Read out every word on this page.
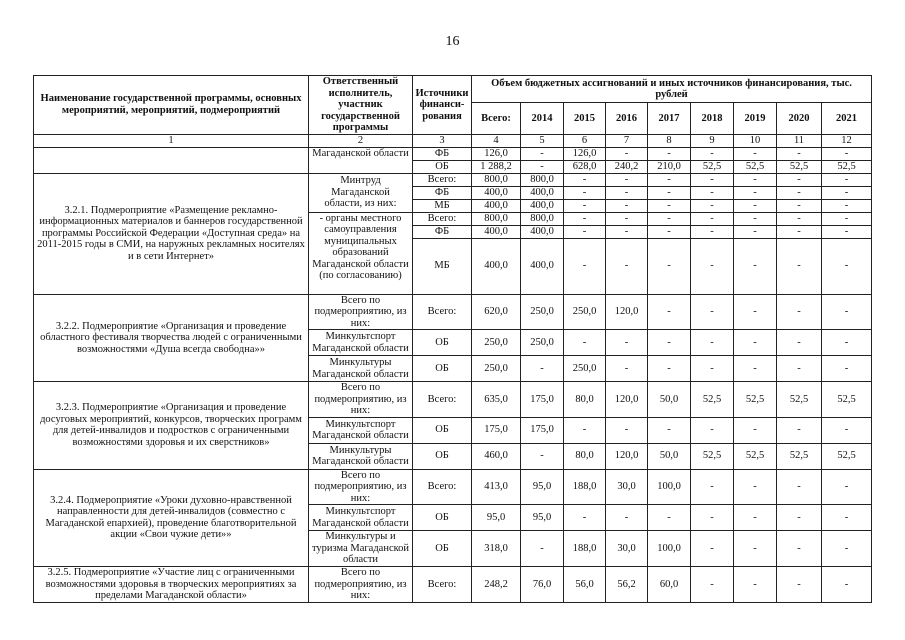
16
Наименование государственной программы, основных мероприятий, мероприятий, подмероприятий	Ответственный исполнитель, участник государственной программы	Источники финанси-рования	Объем бюджетных ассигнований и иных источников финансирования, тыс. рублей								
			Всего:	2014	2015	2016	2017	2018	2019	2020	2021
1	2	3	4	5	6	7	8	9	10	11	12
	Магаданской области	ФБ	126,0	-	126,0	-	-	-	-	-	-
		ОБ	1 288,2	-	628,0	240,2	210,0	52,5	52,5	52,5	52,5
3.2.1. Подмероприятие «Размещение рекламно-информационных материалов и баннеров государственной программы Российской Федерации «Доступная среда» на 2011-2015 годы в СМИ, на наружных рекламных носителях и в сети Интернет»	Минтруд Магаданской области, из них:	Всего:	800,0	800,0	-	-	-	-	-	-	-
		ФБ	400,0	400,0	-	-	-	-	-	-	-
		МБ	400,0	400,0	-	-	-	-	-	-	-
	- органы местного самоуправления муниципальных образований Магаданской области (по согласованию)	Всего:	800,0	800,0	-	-	-	-	-	-	-
		ФБ	400,0	400,0	-	-	-	-	-	-	-
		МБ	400,0	400,0	-	-	-	-	-	-	-
3.2.2. Подмероприятие «Организация и проведение областного фестиваля творчества людей с ограниченными возможностями «Душа всегда свободна»»	Всего по подмероприятию, из них:	Всего:	620,0	250,0	250,0	120,0	-	-	-	-	-
	Минкультспорт Магаданской области	ОБ	250,0	250,0	-	-	-	-	-	-	-
	Минкультуры Магаданской области	ОБ	250,0	-	250,0	-	-	-	-	-	-
3.2.3. Подмероприятие «Организация и проведение досуговых мероприятий, конкурсов, творческих программ для детей-инвалидов и подростков с ограниченными возможностями здоровья и их сверстников»	Всего по подмероприятию, из них:	Всего:	635,0	175,0	80,0	120,0	50,0	52,5	52,5	52,5	52,5
	Минкультспорт Магаданской области	ОБ	175,0	175,0	-	-	-	-	-	-	-
	Минкультуры Магаданской области	ОБ	460,0	-	80,0	120,0	50,0	52,5	52,5	52,5	52,5
3.2.4. Подмероприятие «Уроки духовно-нравственной направленности для детей-инвалидов (совместно с Магаданской епархией), проведение благотворительной акции «Свои чужие дети»»	Всего по подмероприятию, из них:	Всего:	413,0	95,0	188,0	30,0	100,0	-	-	-	-
	Минкультспорт Магаданской области	ОБ	95,0	95,0	-	-	-	-	-	-	-
	Минкультуры и туризма Магаданской области	ОБ	318,0	-	188,0	30,0	100,0	-	-	-	-
3.2.5. Подмероприятие «Участие лиц с ограниченными возможностями здоровья в творческих мероприятиях за пределами Магаданской области»	Всего по подмероприятию, из них:	Всего:	248,2	76,0	56,0	56,2	60,0	-	-	-	-
